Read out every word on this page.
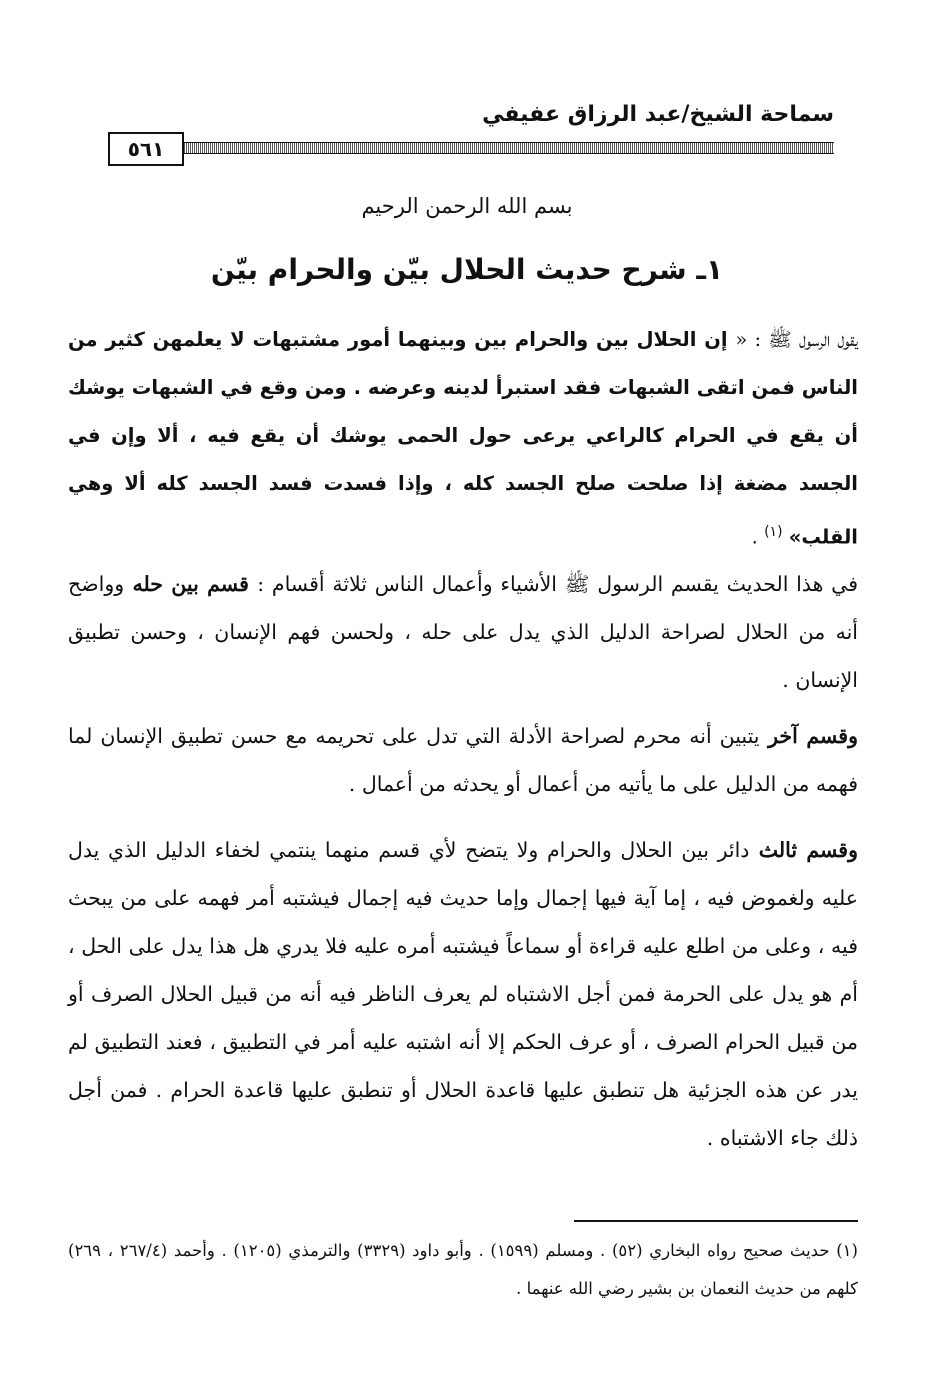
سماحة الشيخ/عبد الرزاق عفيفي
٥٦١
بسم الله الرحمن الرحيم
١ـ شرح حديث الحلال بيّن والحرام بيّن
يقول الرسول ﷺ : « إن الحلال بين والحرام بين وبينهما أمور مشتبهات لا يعلمهن كثير من الناس فمن اتقى الشبهات فقد استبرأ لدينه وعرضه . ومن وقع في الشبهات يوشك أن يقع في الحرام كالراعي يرعى حول الحمى يوشك أن يقع فيه ، ألا وإن في الجسد مضغة إذا صلحت صلح الجسد كله ، وإذا فسدت فسد الجسد كله ألا وهي القلب» $^{(١)}$ .
في هذا الحديث يقسم الرسول ﷺ الأشياء وأعمال الناس ثلاثة أقسام : قسم بين حله وواضح أنه من الحلال لصراحة الدليل الذي يدل على حله ، ولحسن فهم الإنسان ، وحسن تطبيق الإنسان .
وقسم آخر يتبين أنه محرم لصراحة الأدلة التي تدل على تحريمه مع حسن تطبيق الإنسان لما فهمه من الدليل على ما يأتيه من أعمال أو يحدثه من أعمال .
وقسم ثالث دائر بين الحلال والحرام ولا يتضح لأي قسم منهما ينتمي لخفاء الدليل الذي يدل عليه ولغموض فيه ، إما آية فيها إجمال وإما حديث فيه إجمال فيشتبه أمر فهمه على من يبحث فيه ، وعلى من اطلع عليه قراءة أو سماعاً فيشتبه أمره عليه فلا يدري هل هذا يدل على الحل ، أم هو يدل على الحرمة فمن أجل الاشتباه لم يعرف الناظر فيه أنه من قبيل الحلال الصرف أو من قبيل الحرام الصرف ، أو عرف الحكم إلا أنه اشتبه عليه أمر في التطبيق ، فعند التطبيق لم يدر عن هذه الجزئية هل تنطبق عليها قاعدة الحلال أو تنطبق عليها قاعدة الحرام . فمن أجل ذلك جاء الاشتباه .
(١) حديث صحيح رواه البخاري (٥٢) . ومسلم (١٥٩٩) . وأبو داود (٣٣٢٩) والترمذي (١٢٠٥) . وأحمد (٢٦٧/٤ ، ٢٦٩) كلهم من حديث النعمان بن بشير رضي الله عنهما .
